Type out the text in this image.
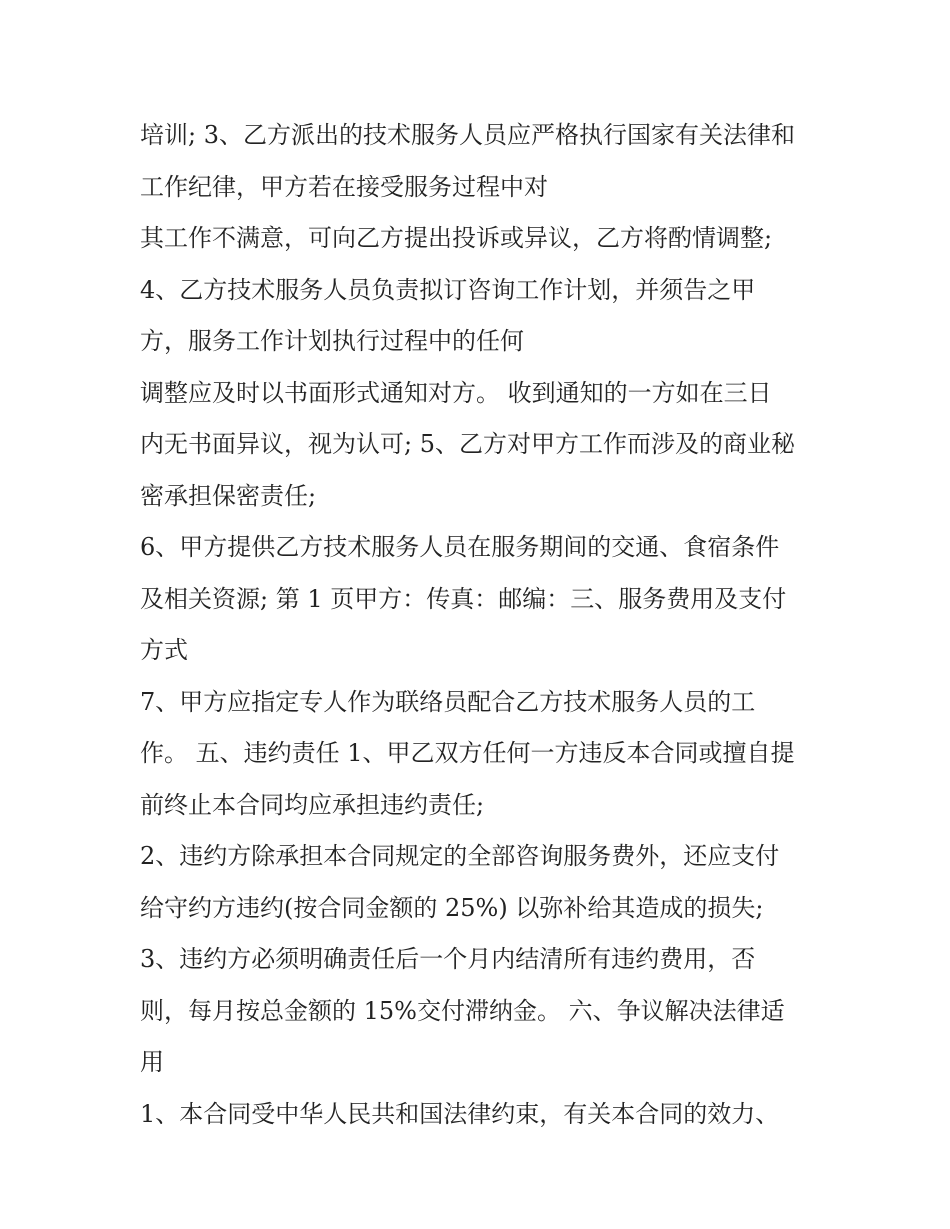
培训; 3、乙方派出的技术服务人员应严格执行国家有关法律和
工作纪律，甲方若在接受服务过程中对
其工作不满意，可向乙方提出投诉或异议，乙方将酌情调整;
4、乙方技术服务人员负责拟订咨询工作计划，并须告之甲
方，服务工作计划执行过程中的任何
调整应及时以书面形式通知对方。 收到通知的一方如在三日
内无书面异议，视为认可; 5、乙方对甲方工作而涉及的商业秘
密承担保密责任;
6、甲方提供乙方技术服务人员在服务期间的交通、食宿条件
及相关资源; 第 1 页甲方：传真：邮编：三、服务费用及支付
方式
7、甲方应指定专人作为联络员配合乙方技术服务人员的工
作。 五、违约责任 1、甲乙双方任何一方违反本合同或擅自提
前终止本合同均应承担违约责任;
2、违约方除承担本合同规定的全部咨询服务费外，还应支付
给守约方违约(按合同金额的 25%) 以弥补给其造成的损失;
3、违约方必须明确责任后一个月内结清所有违约费用，否
则，每月按总金额的 15%交付滞纳金。 六、争议解决法律适
用
1、本合同受中华人民共和国法律约束，有关本合同的效力、
